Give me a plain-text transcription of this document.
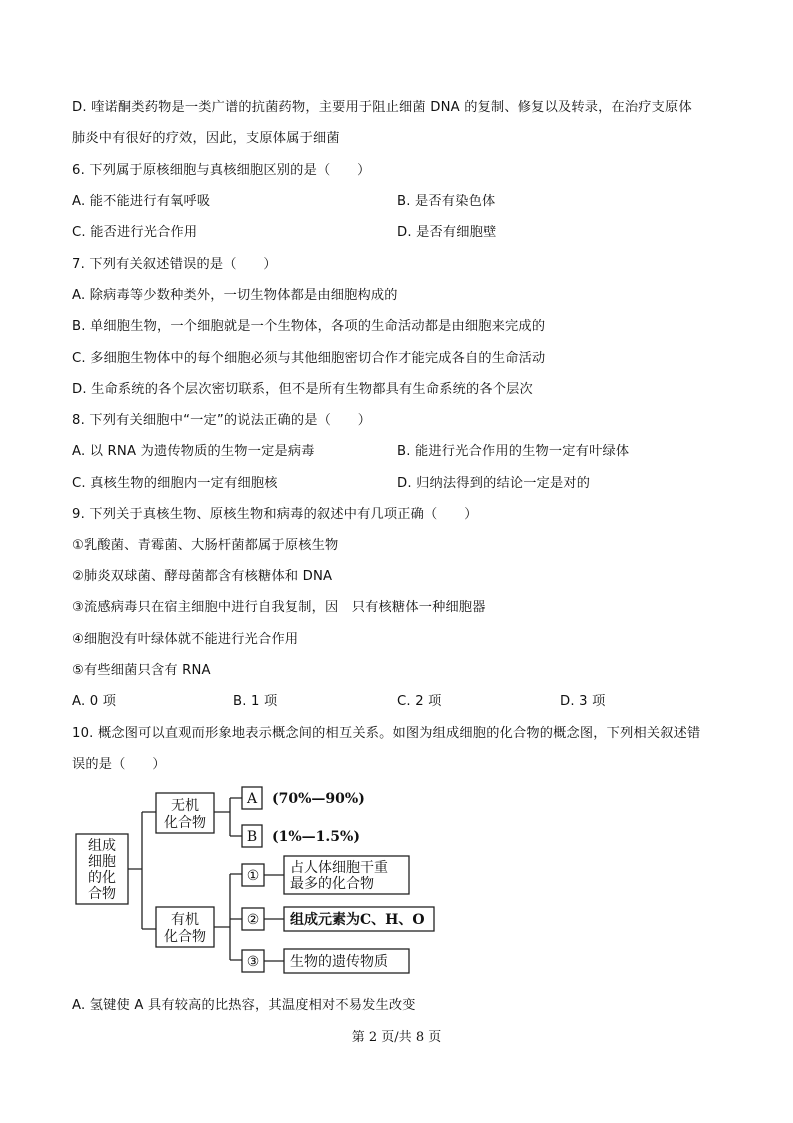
D. 喹诺酮类药物是一类广谱的抗菌药物，主要用于阻止细菌 DNA 的复制、修复以及转录，在治疗支原体
肺炎中有很好的疗效，因此，支原体属于细菌
6. 下列属于原核细胞与真核细胞区别的是（　　）
A. 能不能进行有氧呼吸	B. 是否有染色体
C. 能否进行光合作用	D. 是否有细胞壁
7. 下列有关叙述错误的是（　　）
A. 除病毒等少数种类外，一切生物体都是由细胞构成的
B. 单细胞生物，一个细胞就是一个生物体，各项的生命活动都是由细胞来完成的
C. 多细胞生物体中的每个细胞必须与其他细胞密切合作才能完成各自的生命活动
D. 生命系统的各个层次密切联系，但不是所有生物都具有生命系统的各个层次
8. 下列有关细胞中“一定”的说法正确的是（　　）
A. 以 RNA 为遗传物质的生物一定是病毒	B. 能进行光合作用的生物一定有叶绿体
C. 真核生物的细胞内一定有细胞核	D. 归纳法得到的结论一定是对的
9. 下列关于真核生物、原核生物和病毒的叙述中有几项正确（　　）
①乳酸菌、青霉菌、大肠杆菌都属于原核生物
②肺炎双球菌、酵母菌都含有核糖体和 DNA
③流感病毒只在宿主细胞中进行自我复制，因　只有核糖体一种细胞器
④细胞没有叶绿体就不能进行光合作用
⑤有些细菌只含有 RNA
A. 0 项	B. 1 项	C. 2 项	D. 3 项
10. 概念图可以直观而形象地表示概念间的相互关系。如图为组成细胞的化合物的概念图，下列相关叙述错
误的是（　　）
组成
细胞
的化
合物
无机
化合物
A (70%—90%)
B (1%—1.5%)
有机
化合物
① 占人体细胞干重
最多的化合物
② 组成元素为C、H、O
③ 生物的遗传物质
A. 氢键使 A 具有较高的比热容，其温度相对不易发生改变
第 2 页/共 8 页
